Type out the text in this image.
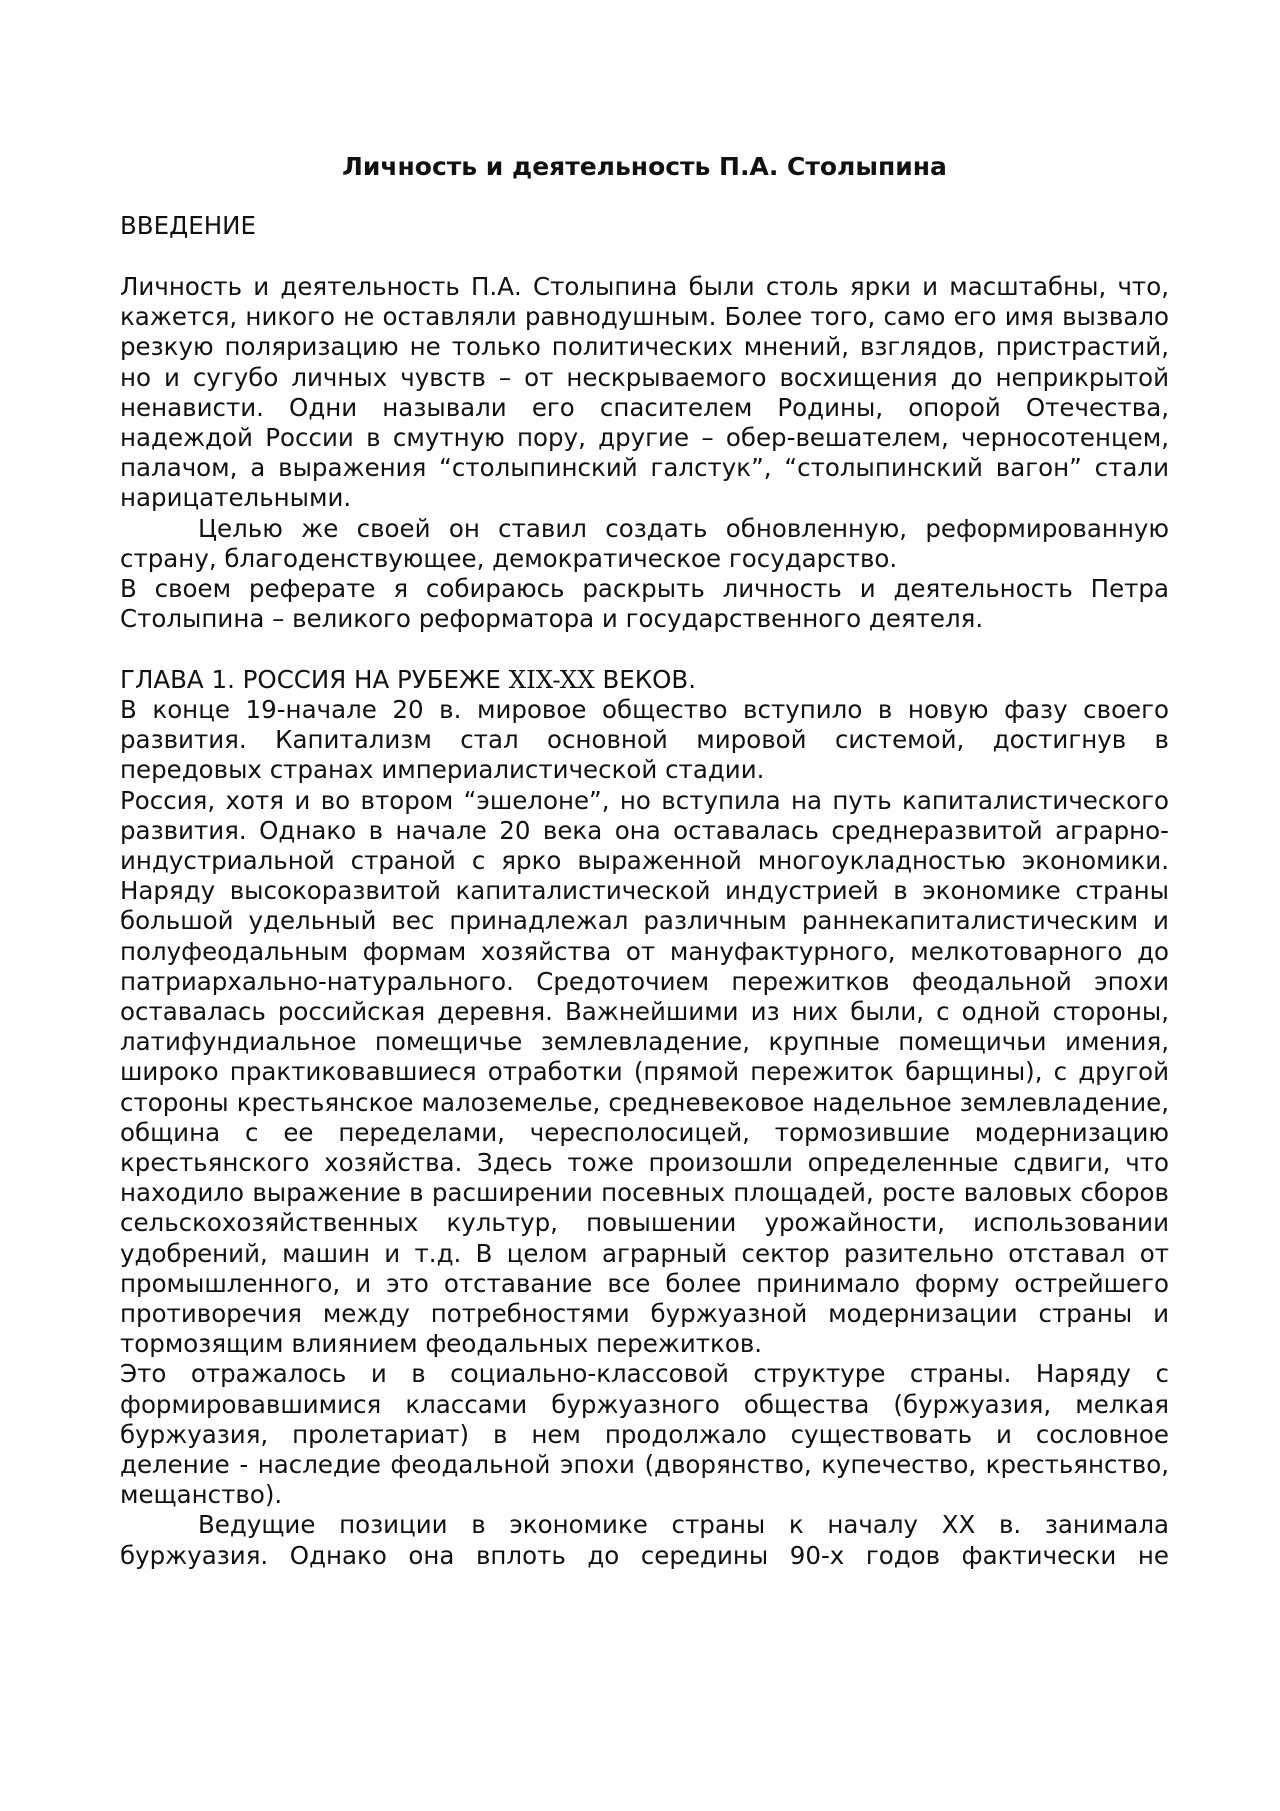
Личность и деятельность П.А. Столыпина
ВВЕДЕНИЕ

Личность и деятельность П.А. Столыпина были столь ярки и масштабны, что, кажется, никого не оставляли равнодушным. Более того, само его имя вызвало резкую поляризацию не только политических мнений, взглядов, пристрастий, но и сугубо личных чувств – от нескрываемого восхищения до неприкрытой ненависти. Одни называли его спасителем Родины, опорой Отечества, надеждой России в смутную пору, другие – обер-вешателем, черносотенцем, палачом, а выражения “столыпинский галстук”, “столыпинский вагон” стали нарицательными.

Целью же своей он ставил создать обновленную, реформированную страну, благоденствующее, демократическое государство.

В своем реферате я собираюсь раскрыть личность и деятельность Петра Столыпина – великого реформатора и государственного деятеля.

ГЛАВА 1. РОССИЯ НА РУБЕЖЕ XIX-XX ВЕКОВ.

В конце 19-начале 20 в. мировое общество вступило в новую фазу своего развития. Капитализм стал основной мировой системой, достигнув в передовых странах империалистической стадии.

Россия, хотя и во втором “эшелоне”, но вступила на путь капиталистического развития. Однако в начале 20 века она оставалась среднеразвитой аграрно-индустриальной страной с ярко выраженной многоукладностью экономики. Наряду высокоразвитой капиталистической индустрией в экономике страны большой удельный вес принадлежал различным раннекапиталистическим и полуфеодальным формам хозяйства от мануфактурного, мелкотоварного до патриархально-натурального. Средоточием пережитков феодальной эпохи оставалась российская деревня. Важнейшими из них были, с одной стороны, латифундиальное помещичье землевладение, крупные помещичьи имения, широко практиковавшиеся отработки (прямой пережиток барщины), с другой стороны крестьянское малоземелье, средневековое надельное землевладение, община с ее переделами, чересполосицей, тормозившие модернизацию крестьянского хозяйства. Здесь тоже произошли определенные сдвиги, что находило выражение в расширении посевных площадей, росте валовых сборов сельскохозяйственных культур, повышении урожайности, использовании удобрений, машин и т.д. В целом аграрный сектор разительно отставал от промышленного, и это отставание все более принимало форму острейшего противоречия между потребностями буржуазной модернизации страны и тормозящим влиянием феодальных пережитков.

Это отражалось и в социально-классовой структуре страны. Наряду с формировавшимися классами буржуазного общества (буржуазия, мелкая буржуазия, пролетариат) в нем продолжало существовать и сословное деление - наследие феодальной эпохи (дворянство, купечество, крестьянство, мещанство).

Ведущие позиции в экономике страны к началу XX в. занимала буржуазия. Однако она вплоть до середины 90-х годов фактически не
